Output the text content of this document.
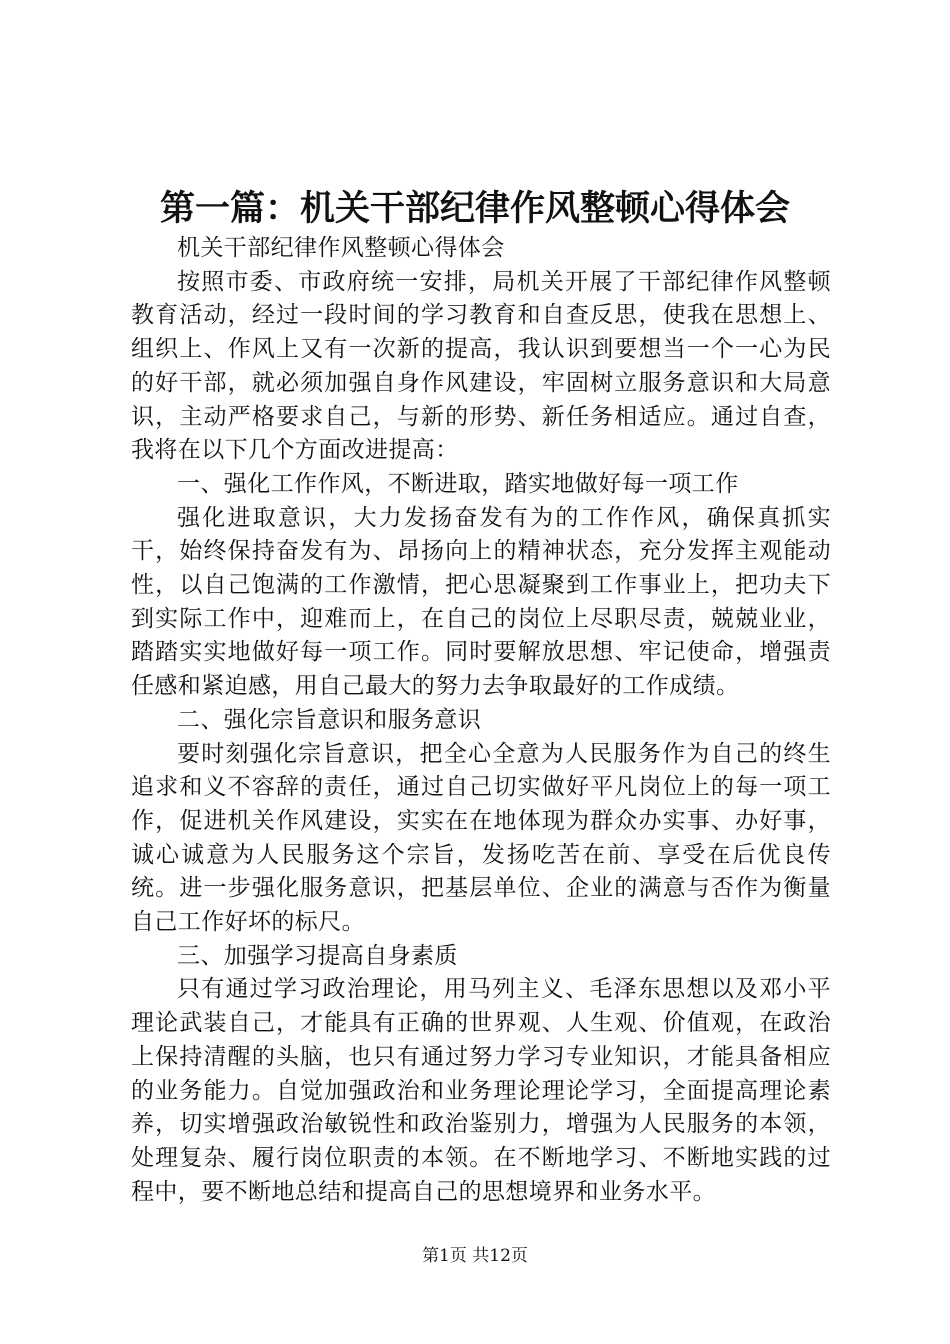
第一篇：机关干部纪律作风整顿心得体会

机关干部纪律作风整顿心得体会

按照市委、市政府统一安排，局机关开展了干部纪律作风整顿教育活动，经过一段时间的学习教育和自查反思，使我在思想上、组织上、作风上又有一次新的提高，我认识到要想当一个一心为民的好干部，就必须加强自身作风建设，牢固树立服务意识和大局意识，主动严格要求自己，与新的形势、新任务相适应。通过自查，我将在以下几个方面改进提高：

一、强化工作作风，不断进取，踏实地做好每一项工作

强化进取意识，大力发扬奋发有为的工作作风，确保真抓实干，始终保持奋发有为、昂扬向上的精神状态，充分发挥主观能动性，以自己饱满的工作激情，把心思凝聚到工作事业上，把功夫下到实际工作中，迎难而上，在自己的岗位上尽职尽责，兢兢业业，踏踏实实地做好每一项工作。同时要解放思想、牢记使命，增强责任感和紧迫感，用自己最大的努力去争取最好的工作成绩。

二、强化宗旨意识和服务意识

要时刻强化宗旨意识，把全心全意为人民服务作为自己的终生追求和义不容辞的责任，通过自己切实做好平凡岗位上的每一项工作，促进机关作风建设，实实在在地体现为群众办实事、办好事，诚心诚意为人民服务这个宗旨，发扬吃苦在前、享受在后优良传统。进一步强化服务意识，把基层单位、企业的满意与否作为衡量自己工作好坏的标尺。

三、加强学习提高自身素质

只有通过学习政治理论，用马列主义、毛泽东思想以及邓小平理论武装自己，才能具有正确的世界观、人生观、价值观，在政治上保持清醒的头脑，也只有通过努力学习专业知识，才能具备相应的业务能力。自觉加强政治和业务理论理论学习，全面提高理论素养，切实增强政治敏锐性和政治鉴别力，增强为人民服务的本领，处理复杂、履行岗位职责的本领。在不断地学习、不断地实践的过程中，要不断地总结和提高自己的思想境界和业务水平。

第1页 共12页
